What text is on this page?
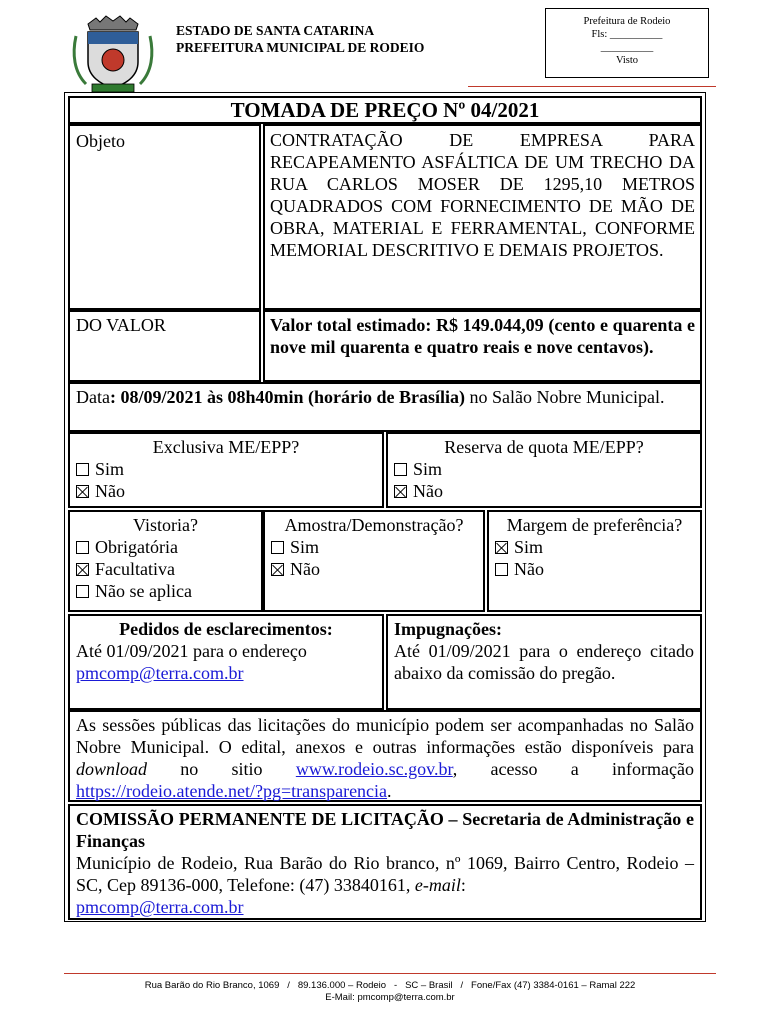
ESTADO DE SANTA CATARINA
PREFEITURA MUNICIPAL DE RODEIO
Prefeitura de Rodeio
Fls: __________
__________
Visto
TOMADA DE PREÇO Nº 04/2021
Objeto	CONTRATAÇÃO DE EMPRESA PARA RECAPEAMENTO ASFÁLTICA DE UM TRECHO DA RUA CARLOS MOSER DE 1295,10 METROS QUADRADOS COM FORNECIMENTO DE MÃO DE OBRA, MATERIAL E FERRAMENTAL, CONFORME MEMORIAL DESCRITIVO E DEMAIS PROJETOS.
DO VALOR	Valor total estimado: R$ 149.044,09 (cento e quarenta e nove mil quarenta e quatro reais e nove centavos).
Data: 08/09/2021 às 08h40min (horário de Brasília) no Salão Nobre Municipal.
Exclusiva ME/EPP?
Sim
Não
Reserva de quota ME/EPP?
Sim
Não
Vistoria?
Obrigatória
Facultativa
Não se aplica
Amostra/Demonstração?
Sim
Não
Margem de preferência?
Sim
Não
Pedidos de esclarecimentos:
Até 01/09/2021 para o endereço
pmcomp@terra.com.br
Impugnações:
Até 01/09/2021 para o endereço citado abaixo da comissão do pregão.
As sessões públicas das licitações do município podem ser acompanhadas no Salão Nobre Municipal. O edital, anexos e outras informações estão disponíveis para download no sitio www.rodeio.sc.gov.br, acesso a informação https://rodeio.atende.net/?pg=transparencia.
COMISSÃO PERMANENTE DE LICITAÇÃO – Secretaria de Administração e Finanças
Município de Rodeio, Rua Barão do Rio branco, nº 1069, Bairro Centro, Rodeio – SC, Cep 89136-000, Telefone: (47) 33840161, e-mail:
pmcomp@terra.com.br
Rua Barão do Rio Branco, 1069   /   89.136.000 – Rodeio   -   SC – Brasil   /   Fone/Fax (47) 3384-0161 – Ramal 222
E-Mail: pmcomp@terra.com.br
